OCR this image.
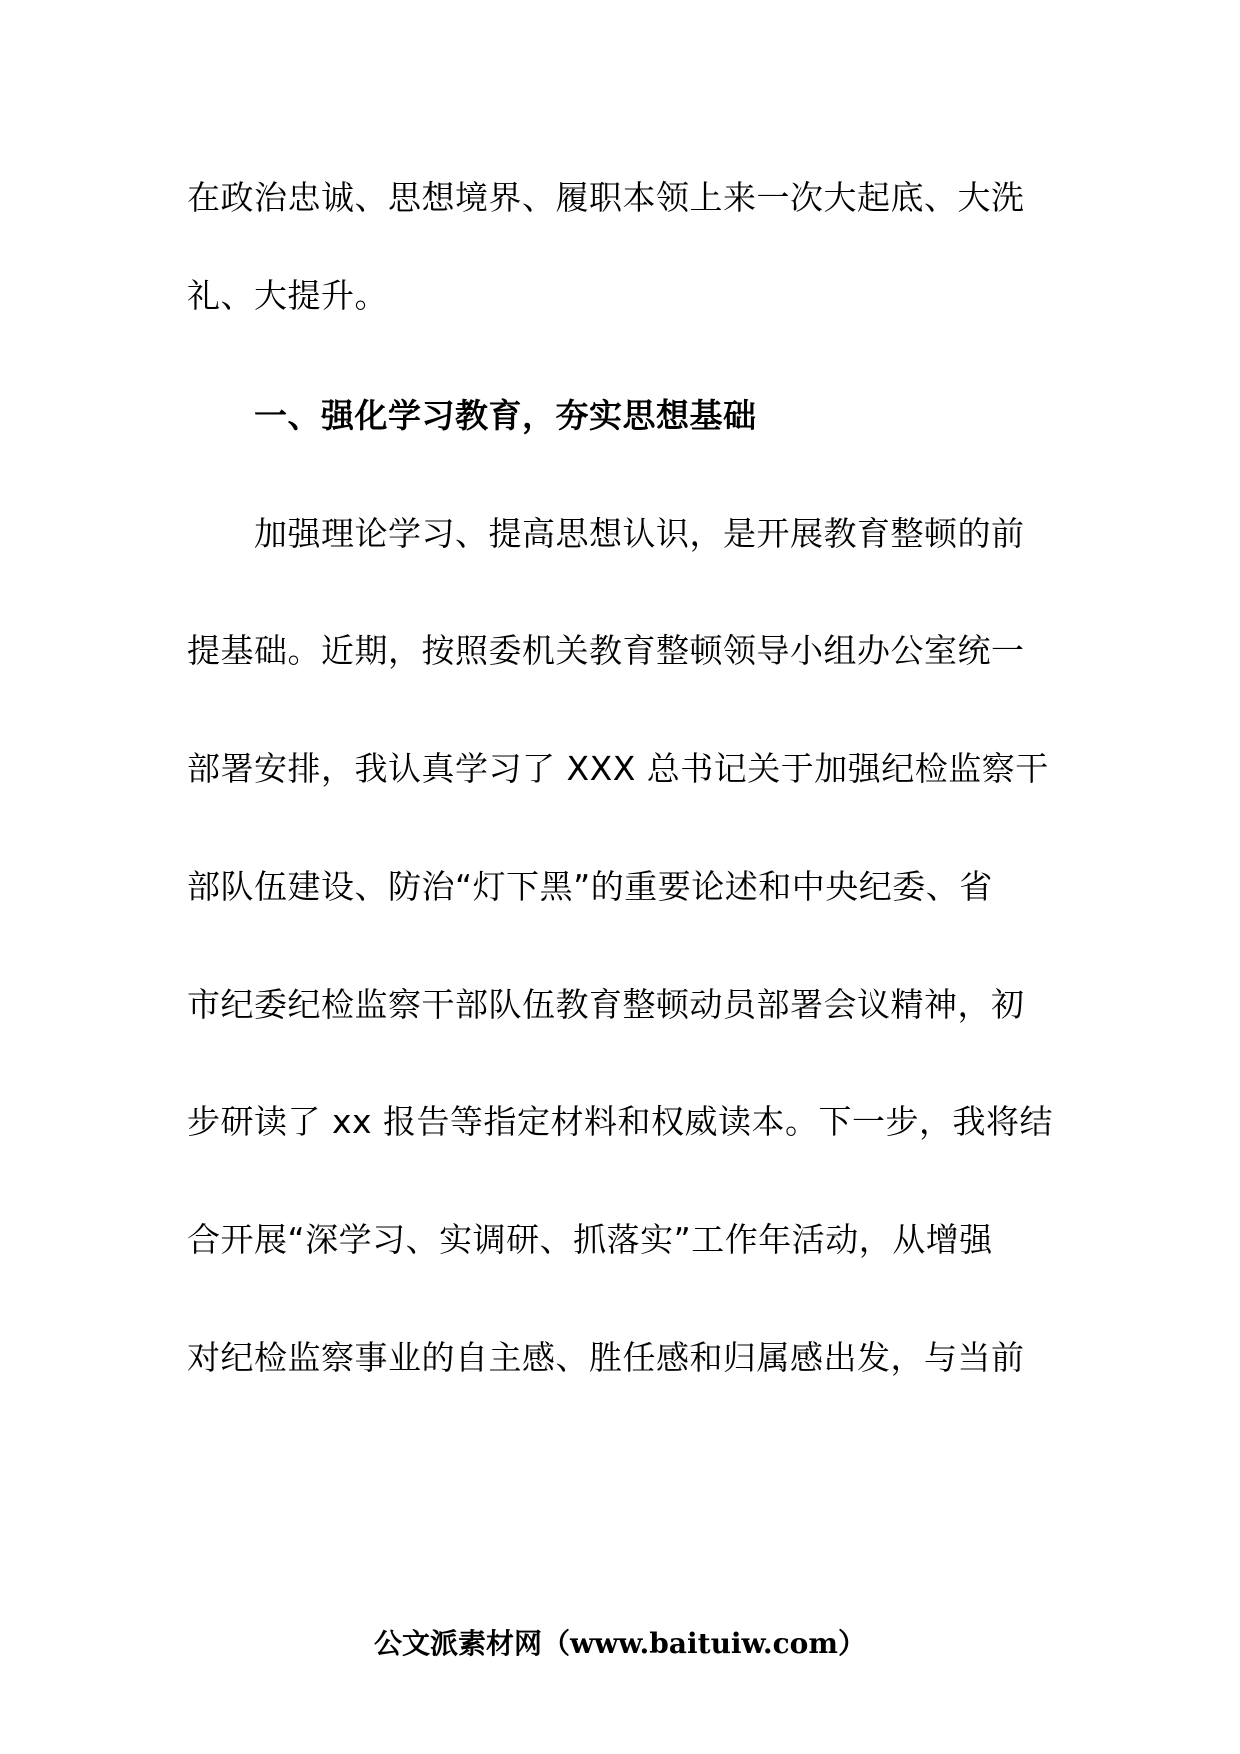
在政治忠诚、思想境界、履职本领上来一次大起底、大洗
礼、大提升。
一、强化学习教育，夯实思想基础
加强理论学习、提高思想认识，是开展教育整顿的前
提基础。近期，按照委机关教育整顿领导小组办公室统一
部署安排，我认真学习了 XXX 总书记关于加强纪检监察干
部队伍建设、防治“灯下黑”的重要论述和中央纪委、省
市纪委纪检监察干部队伍教育整顿动员部署会议精神，初
步研读了 xx 报告等指定材料和权威读本。下一步，我将结
合开展“深学习、实调研、抓落实”工作年活动，从增强
对纪检监察事业的自主感、胜任感和归属感出发，与当前
公文派素材网（www.baituiw.com）
